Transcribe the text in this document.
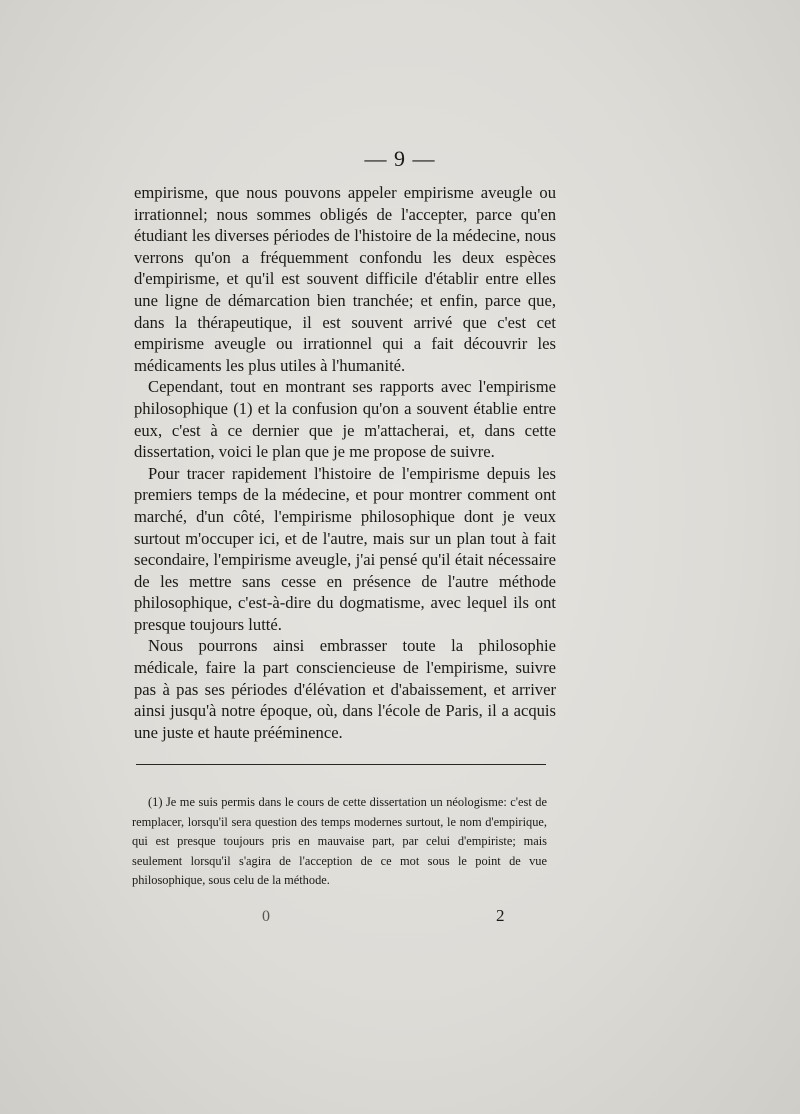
— 9 —

empirisme, que nous pouvons appeler empirisme aveugle ou irrationnel; nous sommes obligés de l'accepter, parce qu'en étudiant les diverses périodes de l'histoire de la médecine, nous verrons qu'on a fréquemment confondu les deux espèces d'empirisme, et qu'il est souvent difficile d'établir entre elles une ligne de démarcation bien tranchée; et enfin, parce que, dans la thérapeutique, il est souvent arrivé que c'est cet empirisme aveugle ou irrationnel qui a fait découvrir les médicaments les plus utiles à l'humanité.

Cependant, tout en montrant ses rapports avec l'empirisme philosophique (1) et la confusion qu'on a souvent établie entre eux, c'est à ce dernier que je m'attacherai, et, dans cette dissertation, voici le plan que je me propose de suivre.

Pour tracer rapidement l'histoire de l'empirisme depuis les premiers temps de la médecine, et pour montrer comment ont marché, d'un côté, l'empirisme philosophique dont je veux surtout m'occuper ici, et de l'autre, mais sur un plan tout à fait secondaire, l'empirisme aveugle, j'ai pensé qu'il était nécessaire de les mettre sans cesse en présence de l'autre méthode philosophique, c'est-à-dire du dogmatisme, avec lequel ils ont presque toujours lutté.

Nous pourrons ainsi embrasser toute la philosophie médicale, faire la part consciencieuse de l'empirisme, suivre pas à pas ses périodes d'élévation et d'abaissement, et arriver ainsi jusqu'à notre époque, où, dans l'école de Paris, il a acquis une juste et haute prééminence.

(1) Je me suis permis dans le cours de cette dissertation un néologisme: c'est de remplacer, lorsqu'il sera question des temps modernes surtout, le nom d'empirique, qui est presque toujours pris en mauvaise part, par celui d'empiriste; mais seulement lorsqu'il s'agira de l'acception de ce mot sous le point de vue philosophique, sous celu de la méthode.

0	2
